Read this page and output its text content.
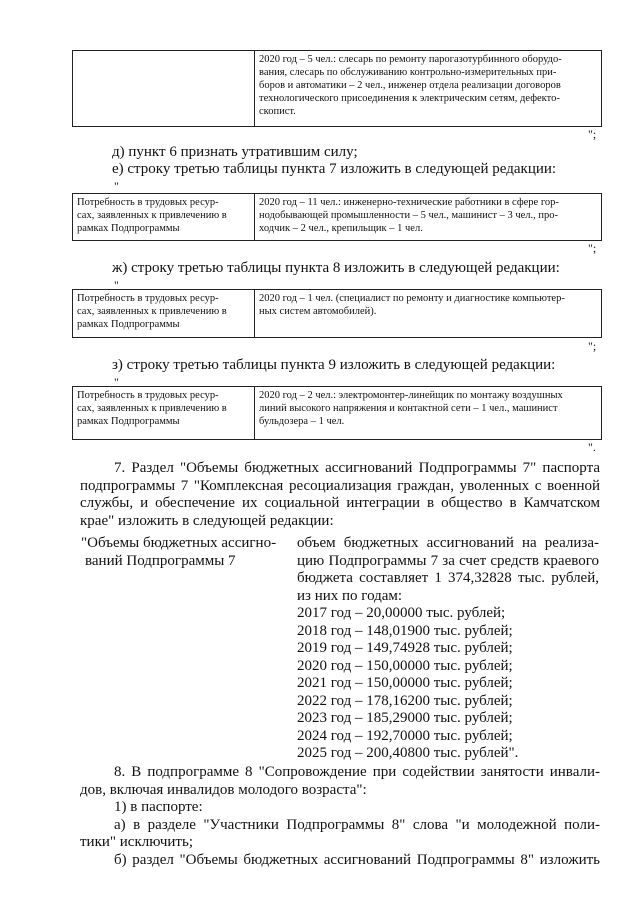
2020 год – 5 чел.: слесарь по ремонту парогазотурбинного оборудо-
вания, слесарь по обслуживанию контрольно-измерительных при-
боров и автоматики – 2 чел., инженер отдела реализации договоров
технологического присоединения к электрическим сетям, дефекто-
скопист.
";
д) пункт 6 признать утратившим силу;
е) строку третью таблицы пункта 7 изложить в следующей редакции:
"
Потребность в трудовых ресур-
сах, заявленных к привлечению в
рамках Подпрограммы
2020 год – 11 чел.: инженерно-технические работники в сфере гор-
нодобывающей промышленности – 5 чел., машинист – 3 чел., про-
ходчик – 2 чел., крепильщик – 1 чел.
";
ж) строку третью таблицы пункта 8 изложить в следующей редакции:
"
Потребность в трудовых ресур-
сах, заявленных к привлечению в
рамках Подпрограммы
2020 год – 1 чел. (специалист по ремонту и диагностике компьютер-
ных систем автомобилей).
";
з) строку третью таблицы пункта 9 изложить в следующей редакции:
"
Потребность в трудовых ресур-
сах, заявленных к привлечению в
рамках Подпрограммы
2020 год – 2 чел.: электромонтер-линейщик по монтажу воздушных
линий высокого напряжения и контактной сети – 1 чел., машинист
бульдозера – 1 чел.
".
7. Раздел "Объемы бюджетных ассигнований Подпрограммы 7" паспорта
подпрограммы 7 "Комплексная ресоциализация граждан, уволенных с военной
службы, и обеспечение их социальной интеграции в общество в Камчатском
крае" изложить в следующей редакции:
"Объемы бюджетных ассигно-
ваний Подпрограммы 7
объем бюджетных ассигнований на реализа-
цию Подпрограммы 7 за счет средств краевого
бюджета составляет 1 374,32828 тыс. рублей,
из них по годам:
2017 год – 20,00000 тыс. рублей;
2018 год – 148,01900 тыс. рублей;
2019 год – 149,74928 тыс. рублей;
2020 год – 150,00000 тыс. рублей;
2021 год – 150,00000 тыс. рублей;
2022 год – 178,16200 тыс. рублей;
2023 год – 185,29000 тыс. рублей;
2024 год – 192,70000 тыс. рублей;
2025 год – 200,40800 тыс. рублей".
8. В подпрограмме 8 "Сопровождение при содействии занятости инвали-
дов, включая инвалидов молодого возраста":
1) в паспорте:
а) в разделе "Участники Подпрограммы 8" слова "и молодежной поли-
тики" исключить;
б) раздел "Объемы бюджетных ассигнований Подпрограммы 8" изложить
